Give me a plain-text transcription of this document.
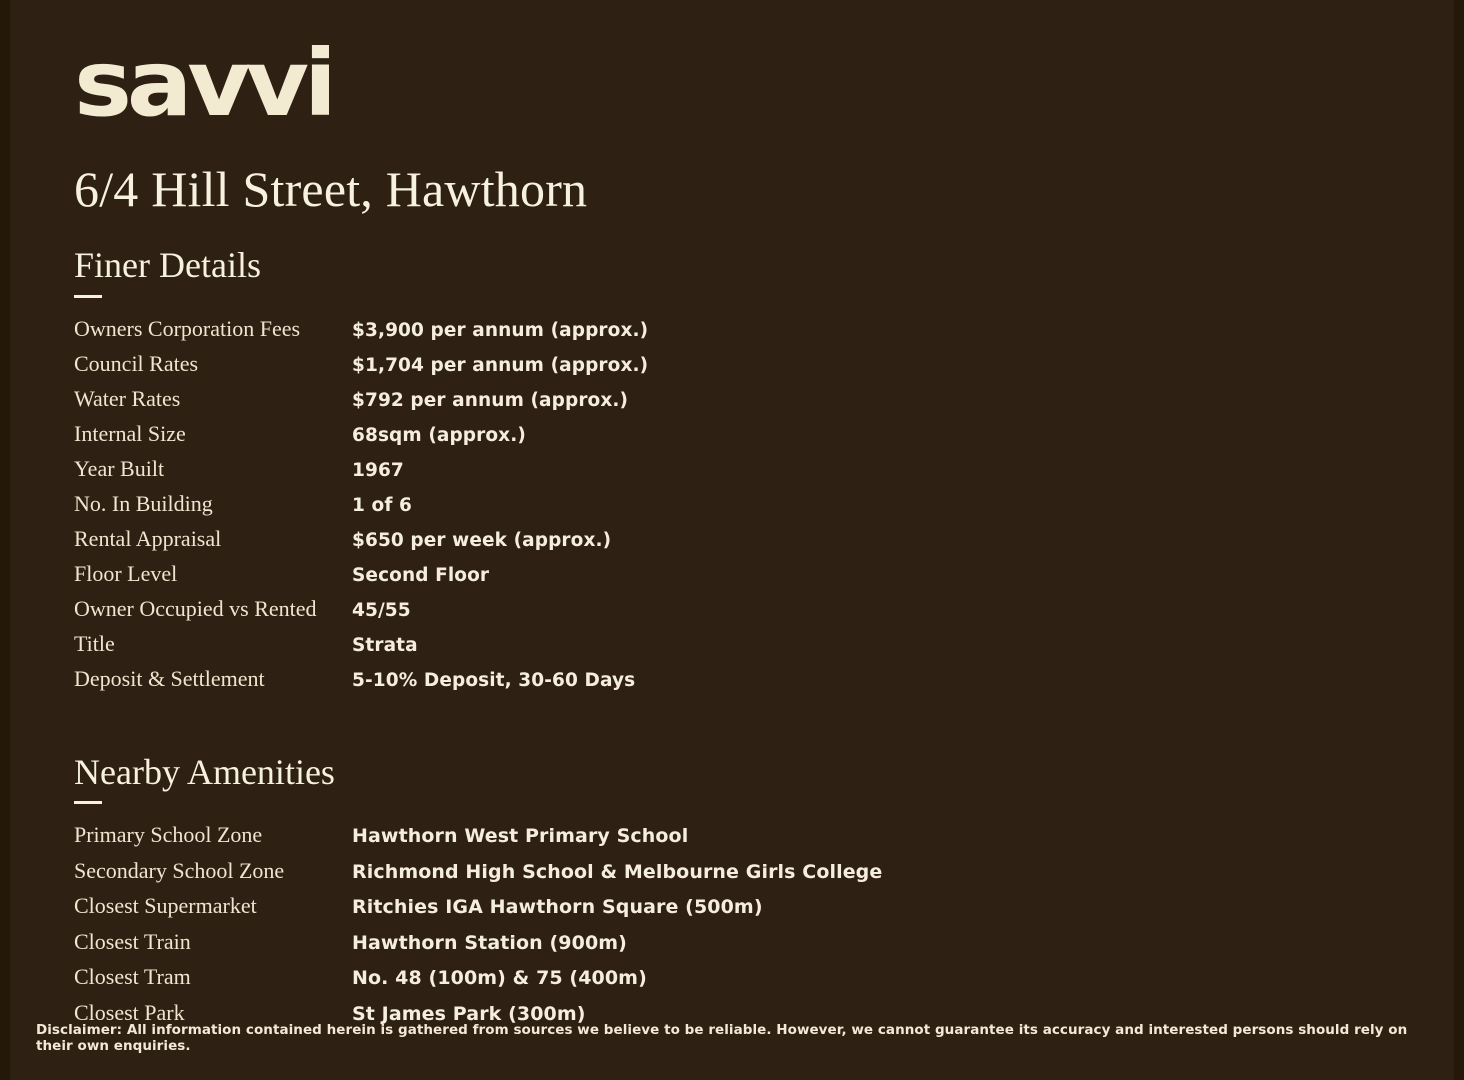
savvi
6/4 Hill Street, Hawthorn
Finer Details
Owners Corporation Fees	$3,900 per annum (approx.)
Council Rates	$1,704 per annum (approx.)
Water Rates	$792 per annum (approx.)
Internal Size	68sqm (approx.)
Year Built	1967
No. In Building	1 of 6
Rental Appraisal	$650 per week (approx.)
Floor Level	Second Floor
Owner Occupied vs Rented	45/55
Title	Strata
Deposit & Settlement	5-10% Deposit, 30-60 Days
Nearby Amenities
Primary School Zone	Hawthorn West Primary School
Secondary School Zone	Richmond High School & Melbourne Girls College
Closest Supermarket	Ritchies IGA Hawthorn Square (500m)
Closest Train	Hawthorn Station (900m)
Closest Tram	No. 48 (100m) & 75 (400m)
Closest Park	St James Park (300m)
Disclaimer: All information contained herein is gathered from sources we believe to be reliable. However, we cannot guarantee its accuracy and interested persons should rely on their own enquiries.
